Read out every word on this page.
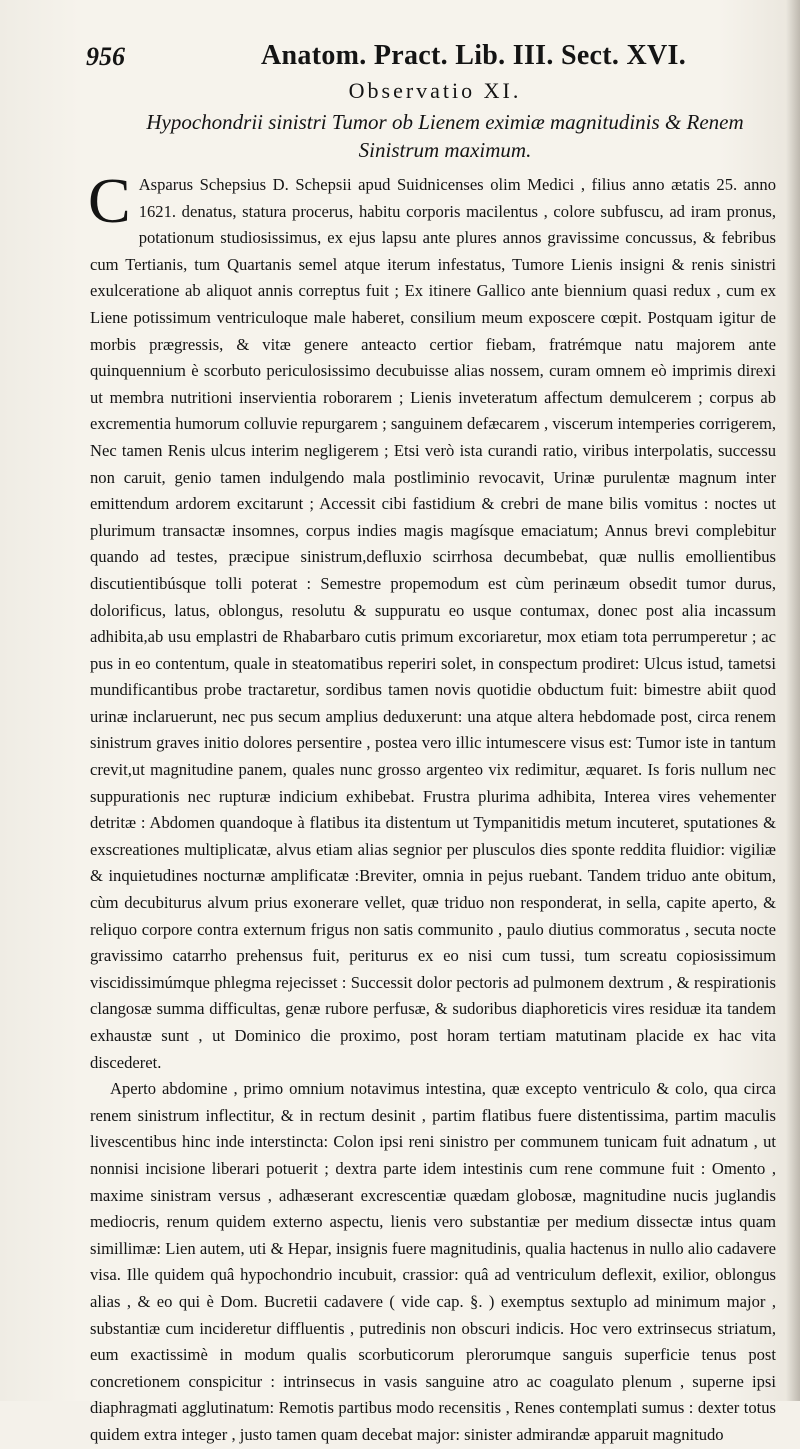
956	Anatom. Pract. Lib. III. Sect. XVI.
Observatio XI.
Hypochondrii sinistri Tumor ob Lienem eximiæ magnitudinis & Renem Sinistrum maximum.

C Asparus Schepsius D. Schepsii apud Suidnicenses olim Medici , filius anno ætatis 25. anno 1621. denatus, statura procerus, habitu corporis macilentus , colore subfuscu, ad iram pronus, potationum studiosissimus, ex ejus lapsu ante plures annos gravissime concussus, & febribus cum Tertianis, tum Quartanis semel atque iterum infestatus, Tumore Lienis insigni & renis sinistri exulceratione ab aliquot annis correptus fuit ; Ex itinere Gallico ante biennium quasi redux , cum ex Liene potissimum ventriculoque male haberet, consilium meum exposcere cœpit. Postquam igitur de morbis prægressis, & vitæ genere anteacto certior fiebam, fratrémque natu majorem ante quinquennium è scorbuto periculosissimo decubuisse alias nossem, curam omnem eò imprimis direxi ut membra nutritioni inservientia roborarem ; Lienis inveteratum affectum demulcerem ; corpus ab excrementia humorum colluvie repurgarem ; sanguinem defæcarem , viscerum intemperies corrigerem, Nec tamen Renis ulcus interim negligerem ; Etsi verò ista curandi ratio, viribus interpolatis, successu non caruit, genio tamen indulgendo mala postliminio revocavit, Urinæ purulentæ magnum inter emittendum ardorem excitarunt ; Accessit cibi fastidium & crebri de mane bilis vomitus : noctes ut plurimum transactæ insomnes, corpus indies magis magísque emaciatum; Annus brevi complebitur quando ad testes, præcipue sinistrum,defluxio scirrhosa decumbebat, quæ nullis emollientibus discutientibúsque tolli poterat : Semestre propemodum est cùm perinæum obsedit tumor durus, dolorificus, latus, oblongus, resolutu & suppuratu eo usque contumax, donec post alia incassum adhibita,ab usu emplastri de Rhabarbaro cutis primum excoriaretur, mox etiam tota perrumperetur ; ac pus in eo contentum, quale in steatomatibus reperiri solet, in conspectum prodiret: Ulcus istud, tametsi mundificantibus probe tractaretur, sordibus tamen novis quotidie obductum fuit: bimestre abiit quod urinæ inclaruerunt, nec pus secum amplius deduxerunt: una atque altera hebdomade post, circa renem sinistrum graves initio dolores persentire , postea vero illic intumescere visus est: Tumor iste in tantum crevit,ut magnitudine panem, quales nunc grosso argenteo vix redimitur, æquaret. Is foris nullum nec suppurationis nec rupturæ indicium exhibebat. Frustra plurima adhibita, Interea vires vehementer detritæ : Abdomen quandoque à flatibus ita distentum ut Tympanitidis metum incuteret, sputationes & exscreationes multiplicatæ, alvus etiam alias segnior per plusculos dies sponte reddita fluidior: vigiliæ & inquietudines nocturnæ amplificatæ :Breviter, omnia in pejus ruebant. Tandem triduo ante obitum, cùm decubiturus alvum prius exonerare vellet, quæ triduo non responderat, in sella, capite aperto, & reliquo corpore contra externum frigus non satis communito , paulo diutius commoratus , secuta nocte gravissimo catarrho prehensus fuit, periturus ex eo nisi cum tussi, tum screatu copiosissimum viscidissimúmque phlegma rejecisset : Successit dolor pectoris ad pulmonem dextrum , & respirationis clangosæ summa difficultas, genæ rubore perfusæ, & sudoribus diaphoreticis vires residuæ ita tandem exhaustæ sunt , ut Dominico die proximo, post horam tertiam matutinam placide ex hac vita discederet.

Aperto abdomine , primo omnium notavimus intestina, quæ excepto ventriculo & colo, qua circa renem sinistrum inflectitur, & in rectum desinit , partim flatibus fuere distentissima, partim maculis livescentibus hinc inde interstincta: Colon ipsi reni sinistro per communem tunicam fuit adnatum , ut nonnisi incisione liberari potuerit ; dextra parte idem intestinis cum rene commune fuit : Omento , maxime sinistram versus , adhæserant excrescentiæ quædam globosæ, magnitudine nucis juglandis mediocris, renum quidem externo aspectu, lienis vero substantiæ per medium dissectæ intus quam simillimæ: Lien autem, uti & Hepar, insignis fuere magnitudinis, qualia hactenus in nullo alio cadavere visa. Ille quidem quâ hypochondrio incubuit, crassior: quâ ad ventriculum deflexit, exilior, oblongus alias , & eo qui è Dom. Bucretii cadavere ( vide cap. §. ) exemptus sextuplo ad minimum major , substantiæ cum incideretur diffluentis , putredinis non obscuri indicis. Hoc vero extrinsecus striatum, eum exactissimè in modum qualis scorbuticorum plerorumque sanguis superficie tenus post concretionem conspicitur : intrinsecus in vasis sanguine atro ac coagulato plenum , superne ipsi diaphragmati agglutinatum: Remotis partibus modo recensitis , Renes contemplati sumus : dexter totus quidem extra integer , justo tamen quam decebat major: sinister admirandæ apparuit magnitudo
